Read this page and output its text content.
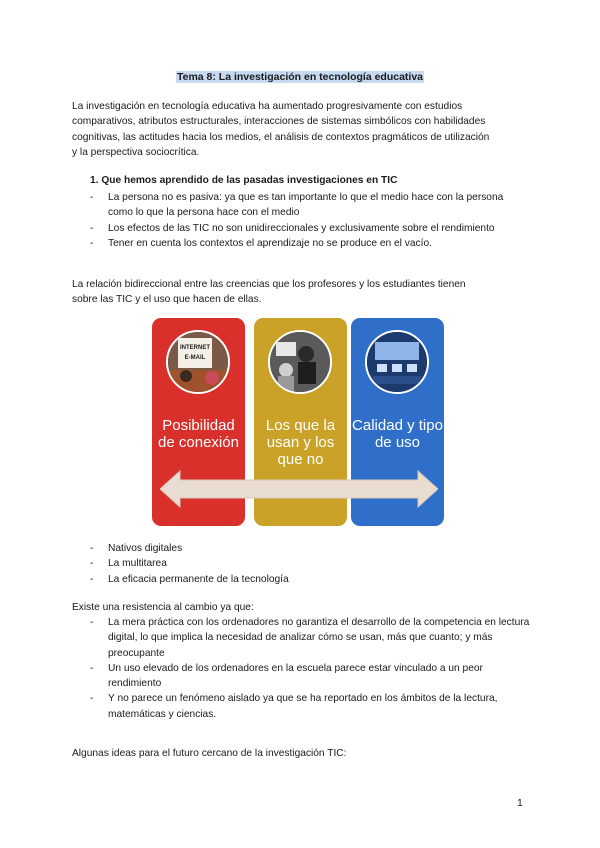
Tema 8: La investigación en tecnología educativa
La investigación en tecnología educativa ha aumentado progresivamente con estudios
comparativos, atributos estructurales, interacciones de sistemas simbólicos con habilidades
cognitivas, las actitudes hacia los medios, el análisis de contextos pragmáticos de utilización
y la perspectiva sociocrítica.
1. Que hemos aprendido de las pasadas investigaciones en TIC
- La persona no es pasiva: ya que es tan importante lo que el medio hace con la persona como lo que la persona hace con el medio
- Los efectos de las TIC no son unidireccionales y exclusivamente sobre el rendimiento
- Tener en cuenta los contextos el aprendizaje no se produce en el vacío.
La relación bidireccional entre las creencias que los profesores y los estudiantes tienen
sobre las TIC y el uso que hacen de ellas.
INTERNET
E-MAIL
Posibilidad de conexión
Los que la usan y los que no
Calidad y tipo de uso
- Nativos digitales
- La multitarea
- La eficacia permanente de la tecnología
Existe una resistencia al cambio ya que:
- La mera práctica con los ordenadores no garantiza el desarrollo de la competencia en lectura digital, lo que implica la necesidad de analizar cómo se usan, más que cuanto; y más preocupante
- Un uso elevado de los ordenadores en la escuela parece estar vinculado a un peor rendimiento
- Y no parece un fenómeno aislado ya que se ha reportado en los ámbitos de la lectura, matemáticas y ciencias.
Algunas ideas para el futuro cercano de la investigación TIC:
1
